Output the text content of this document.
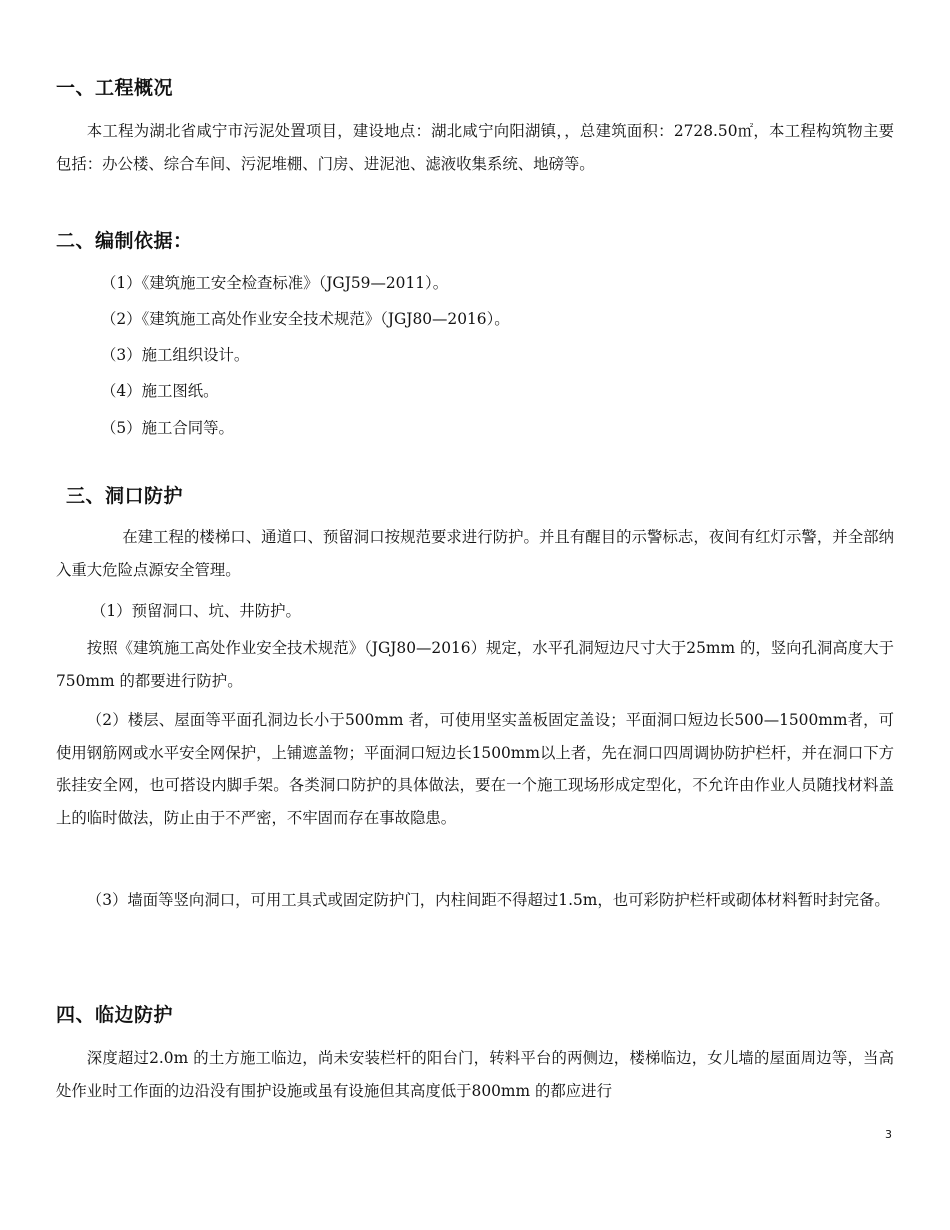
一、工程概况
本工程为湖北省咸宁市污泥处置项目，建设地点：湖北咸宁向阳湖镇，，总建筑面积：2728.50㎡，本工程构筑物主要包括：办公楼、综合车间、污泥堆棚、门房、进泥池、滤液收集系统、地磅等。
二、编制依据：
（1）《建筑施工安全检查标准》（JGJ59—2011）。
（2）《建筑施工高处作业安全技术规范》（JGJ80—2016）。
（3）施工组织设计。
（4）施工图纸。
（5）施工合同等。
三、洞口防护
在建工程的楼梯口、通道口、预留洞口按规范要求进行防护。并且有醒目的示警标志，夜间有红灯示警，并全部纳入重大危险点源安全管理。
（1）预留洞口、坑、井防护。
按照《建筑施工高处作业安全技术规范》（JGJ80—2016）规定，水平孔洞短边尺寸大于25mm 的，竖向孔洞高度大于750mm 的都要进行防护。
（2）楼层、屋面等平面孔洞边长小于500mm 者，可使用坚实盖板固定盖设；平面洞口短边长500—1500mm者，可使用钢筋网或水平安全网保护，上铺遮盖物；平面洞口短边长1500mm以上者，先在洞口四周调协防护栏杆，并在洞口下方张挂安全网，也可搭设内脚手架。各类洞口防护的具体做法，要在一个施工现场形成定型化，不允许由作业人员随找材料盖上的临时做法，防止由于不严密，不牢固而存在事故隐患。
（3）墙面等竖向洞口，可用工具式或固定防护门，内柱间距不得超过1.5m，也可彩防护栏杆或砌体材料暂时封完备。
四、临边防护
深度超过2.0m 的土方施工临边，尚未安装栏杆的阳台门，转料平台的两侧边，楼梯临边，女儿墙的屋面周边等，当高处作业时工作面的边沿没有围护设施或虽有设施但其高度低于800mm 的都应进行
3
